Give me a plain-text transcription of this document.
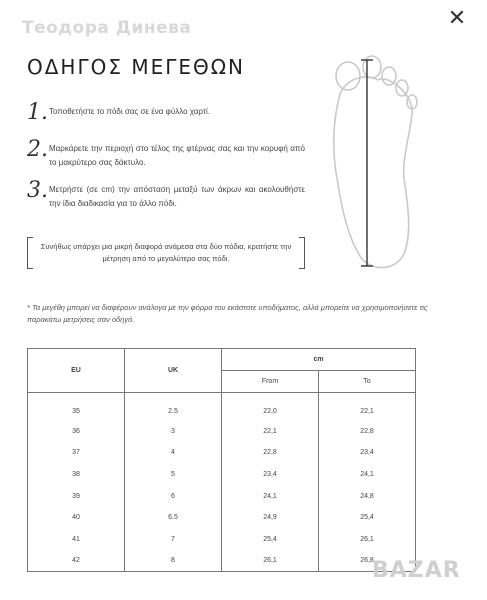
Теодора Динева	✕
ΟΔΗΓΟΣ ΜΕΓΕΘΩΝ
1. Τοποθετήστε το πόδι σας σε ένα φύλλο χαρτί.
2. Μαρκάρετε την περιοχή στο τέλος της φτέρνας σας και την κορυφή από το μακρύτερο σας δάκτυλο.
3. Μετρήστε (σε cm) την απόσταση μεταξύ των άκρων και ακολουθήστε την ίδια διαδικασία για το άλλο πόδι.
Συνήθως υπάρχει μια μικρή διαφορά ανάμεσα στα δύο πόδια, κρατήστε την μέτρηση από το μεγαλύτερο σας πόδι.

* Τα μεγέθη μπορεί να διαφέρουν ανάλογα με την φόρμα του εκάστοτε υποδήματος, αλλά μπορείτε να χρησιμοποιήσετε τις παρακάτω μετρήσεις σαν οδηγό.

EU	UK	cm	
		From	To
35	2.5	22,0	22,1
36	3	22,1	22,8
37	4	22,8	23,4
38	5	23,4	24,1
39	6	24,1	24,8
40	6.5	24,9	25,4
41	7	25,4	26,1
42	8	26,1	26,8
BAZAR
